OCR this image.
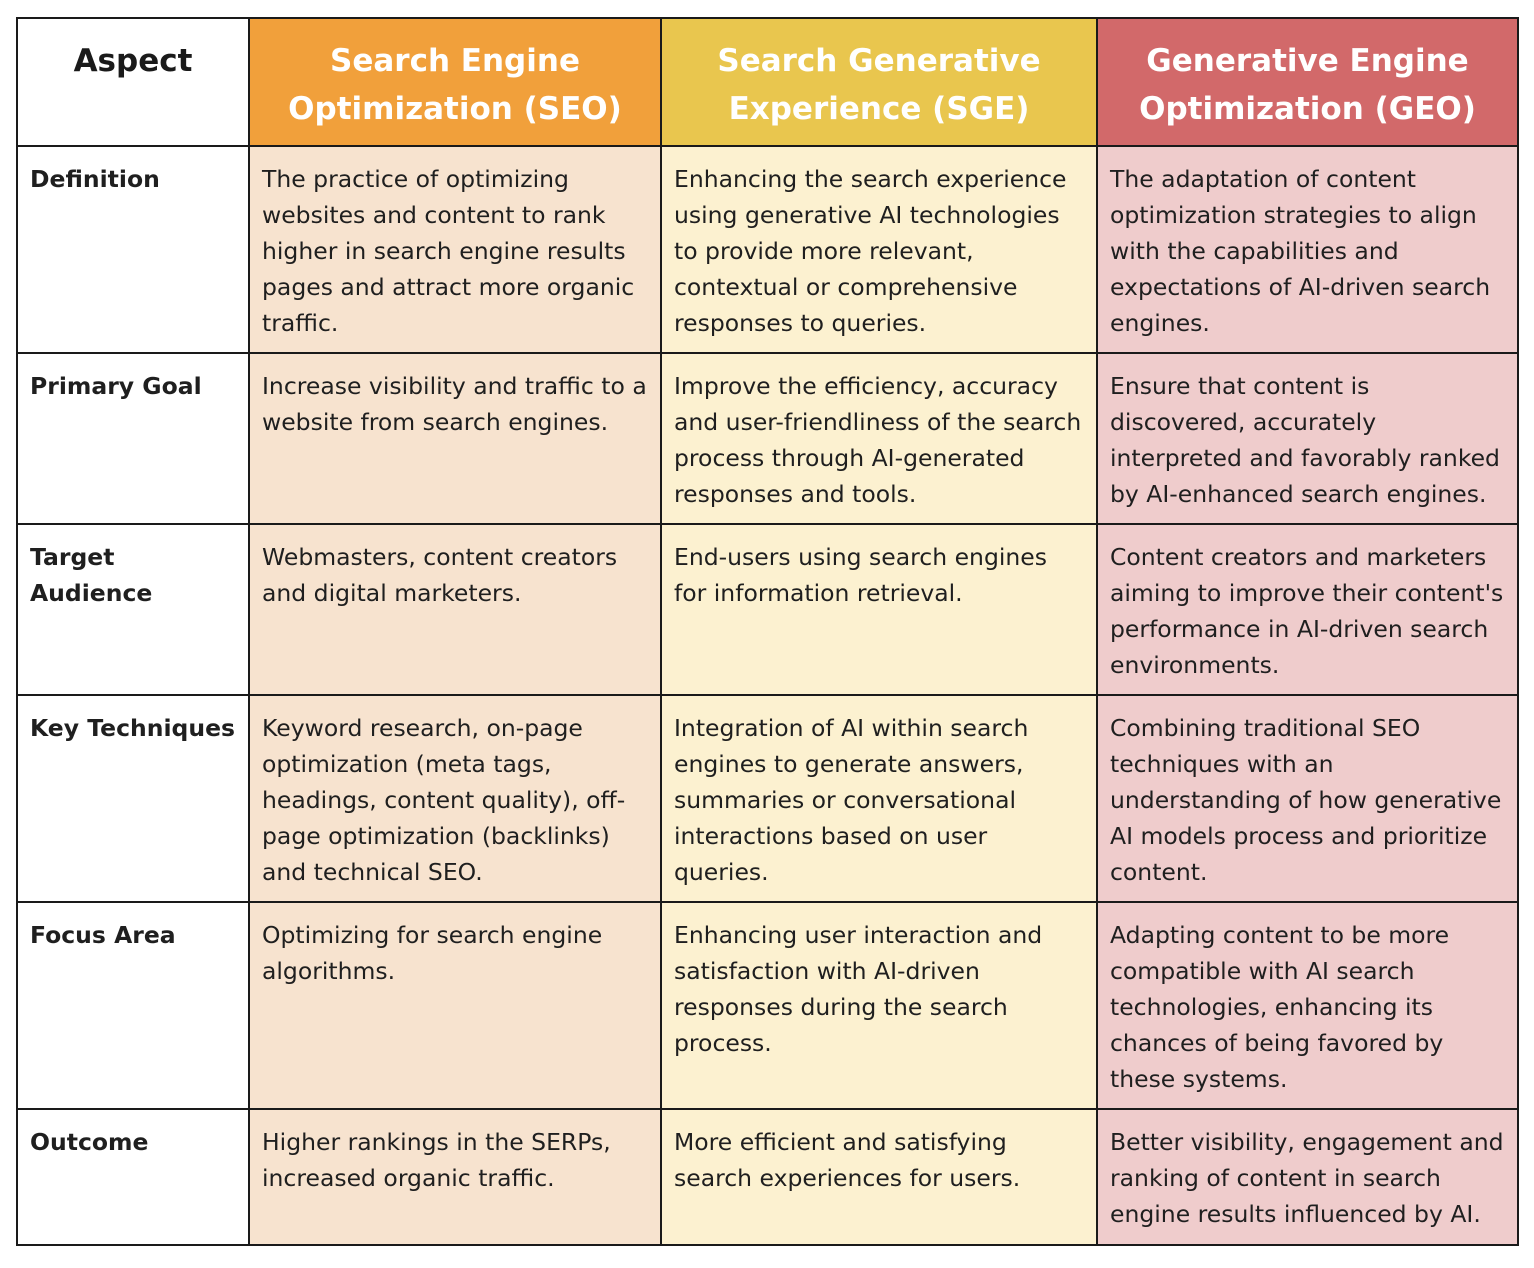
Aspect	Search Engine Optimization (SEO)	Search Generative Experience (SGE)	Generative Engine Optimization (GEO)
Definition	The practice of optimizing websites and content to rank higher in search engine results pages and attract more organic traffic.	Enhancing the search experience using generative AI technologies to provide more relevant, contextual or comprehensive responses to queries.	The adaptation of content optimization strategies to align with the capabilities and expectations of AI-driven search engines.
Primary Goal	Increase visibility and traffic to a website from search engines.	Improve the efficiency, accuracy and user-friendliness of the search process through AI-generated responses and tools.	Ensure that content is discovered, accurately interpreted and favorably ranked by AI-enhanced search engines.
Target Audience	Webmasters, content creators and digital marketers.	End-users using search engines for information retrieval.	Content creators and marketers aiming to improve their content's performance in AI-driven search environments.
Key Techniques	Keyword research, on-page optimization (meta tags, headings, content quality), off-page optimization (backlinks) and technical SEO.	Integration of AI within search engines to generate answers, summaries or conversational interactions based on user queries.	Combining traditional SEO techniques with an understanding of how generative AI models process and prioritize content.
Focus Area	Optimizing for search engine algorithms.	Enhancing user interaction and satisfaction with AI-driven responses during the search process.	Adapting content to be more compatible with AI search technologies, enhancing its chances of being favored by these systems.
Outcome	Higher rankings in the SERPs, increased organic traffic.	More efficient and satisfying search experiences for users.	Better visibility, engagement and ranking of content in search engine results influenced by AI.
